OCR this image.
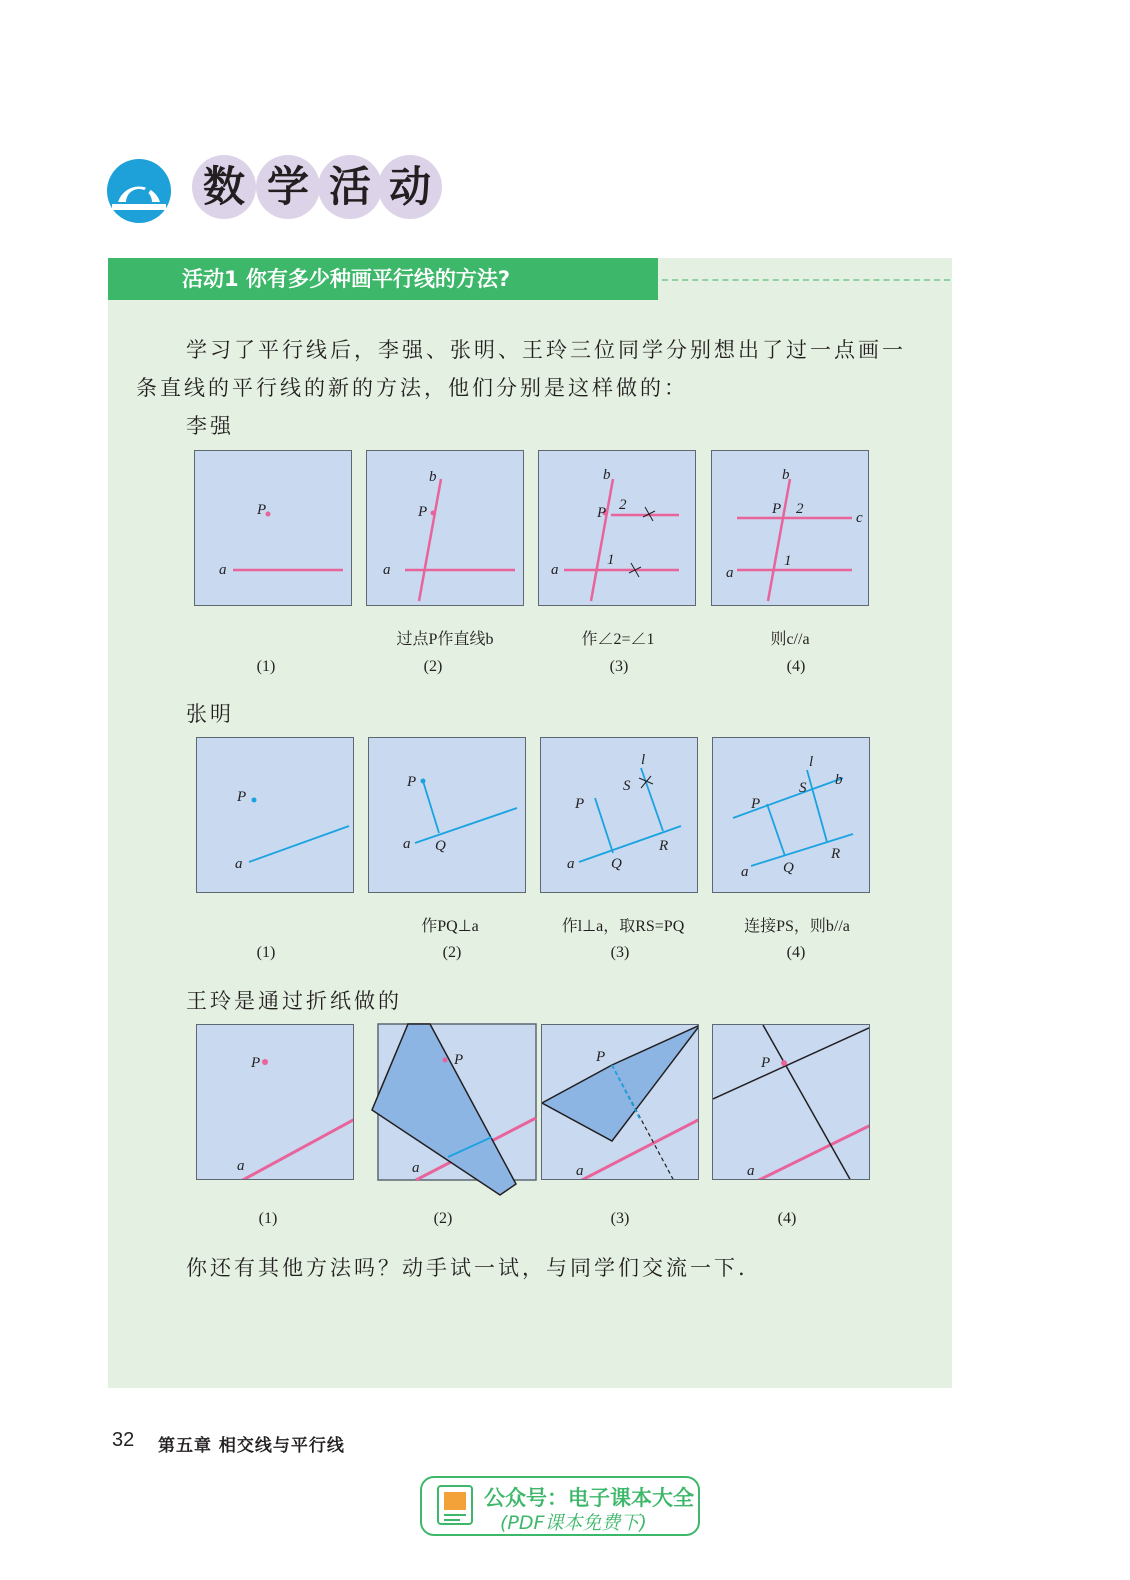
数 学 活 动
活动1 你有多少种画平行线的方法?
学习了平行线后，李强、张明、王玲三位同学分别想出了过一点画一
条直线的平行线的新的方法，他们分别是这样做的：
李强
P
a
P
b
a
P 2
1
b
a
P 2
1
b
c
a
过点P作直线b	作∠2=∠1	则c//a
(1)	(2)	(3)	(4)
张明
P
a
P
a Q
P
l
S
R
Q
a
P
l
S b
R
Q
a
作PQ⊥a	作l⊥a，取RS=PQ	连接PS，则b//a
(1)	(2)	(3)	(4)
王玲是通过折纸做的
P
a
P
a
P
a
P
a
(1)	(2)	(3)	(4)
你还有其他方法吗？动手试一试，与同学们交流一下.
32 第五章 相交线与平行线
公众号：电子课本大全
(PDF课本免费下)
